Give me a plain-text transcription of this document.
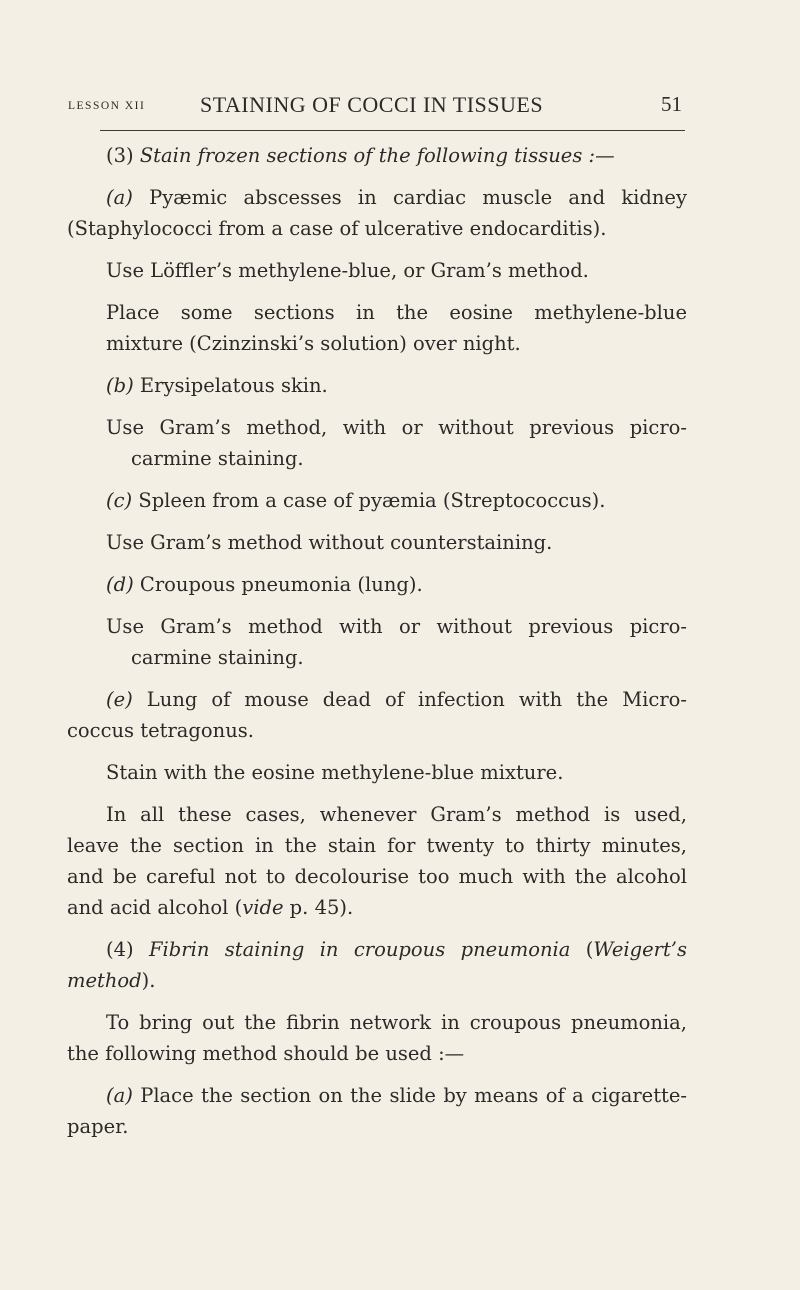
LESSON XII STAINING OF COCCI IN TISSUES	51

(3) Stain frozen sections of the following tissues :—

(a) Pyæmic abscesses in cardiac muscle and kidney
(Staphylococci from a case of ulcerative endocarditis).

Use Löffler’s methylene-blue, or Gram’s method.

Place some sections in the eosine methylene-blue
mixture (Czinzinski’s solution) over night.

(b) Erysipelatous skin.

Use Gram’s method, with or without previous picro-
carmine staining.

(c) Spleen from a case of pyæmia (Streptococcus).

Use Gram’s method without counterstaining.

(d) Croupous pneumonia (lung).

Use Gram’s method with or without previous picro-
carmine staining.

(e) Lung of mouse dead of infection with the Micro-
coccus tetragonus.

Stain with the eosine methylene-blue mixture.

In all these cases, whenever Gram’s method is used,
leave the section in the stain for twenty to thirty minutes,
and be careful not to decolourise too much with the alcohol
and acid alcohol (vide p. 45).

(4) Fibrin staining in croupous pneumonia (Weigert’s method).

To bring out the fibrin network in croupous pneumonia,
the following method should be used :—

(a) Place the section on the slide by means of a cigarette-
paper.
